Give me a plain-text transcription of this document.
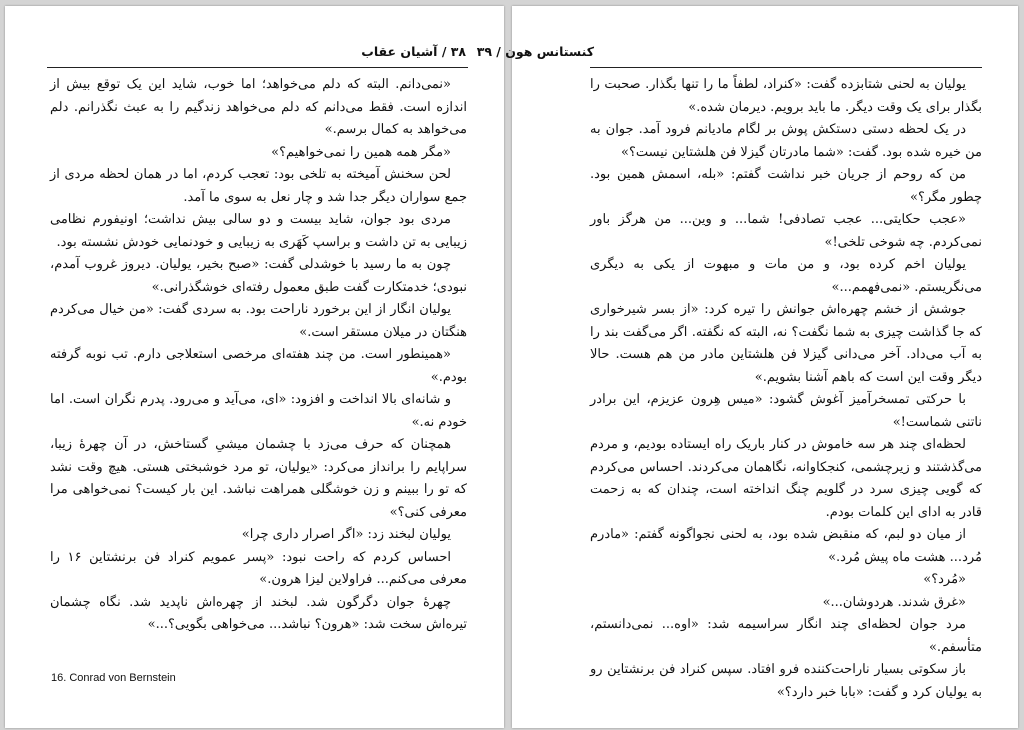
۳۸ / آشیان عقاب

«نمی‌دانم. البته که دلم می‌خواهد؛ اما خوب، شاید این یک توقع بیش از اندازه است. فقط می‌دانم که دلم می‌خواهد زندگیم را به عبث نگذرانم. دلم می‌خواهد به کمال برسم.»

«مگر همه همین را نمی‌خواهیم؟»

لحن سخنش آمیخته به تلخی بود: تعجب کردم، اما در همان لحظه مردی از جمع سواران دیگر جدا شد و چار نعل به سوی ما آمد.

مردی بود جوان، شاید بیست و دو سالی بیش نداشت؛ اونیفورم نظامی زیبایی به تن داشت و براسپ کَهَری به زیبایی و خودنمایی خودش نشسته بود.

چون به ما رسید با خوشدلی گفت: «صبح بخیر، یولیان. دیروز غروب آمدم، نبودی؛ خدمتکارت گفت طبق معمول رفته‌ای خوشگذرانی.»

یولیان انگار از این برخورد ناراحت بود. به سردی گفت: «من خیال می‌کردم هنگتان در میلان مستقر است.»

«همینطور است. من چند هفته‌ای مرخصی استعلاجی دارم. تب نوبه گرفته بودم.»

و شانه‌ای بالا انداخت و افزود: «ای، می‌آید و می‌رود. پدرم نگران است. اما خودم نه.»

همچنان که حرف می‌زد با چشمان میشیِ گستاخش، در آن چهرهٔ زیبا، سراپایم را برانداز می‌کرد: «یولیان، تو مرد خوشبختی هستی. هیچ وقت نشد که تو را ببینم و زن خوشگلی همراهت نباشد. این بار کیست؟ نمی‌خواهی مرا معرفی کنی؟»

یولیان لبخند زد: «اگر اصرار داری چرا»

احساس کردم که راحت نبود: «پسر عمویم کنراد فن برنشتاین ۱۶ را معرفی می‌کنم... فراولاین لیزا هرون.»

چهرهٔ جوان دگرگون شد. لبخند از چهره‌اش ناپدید شد. نگاه چشمان تیره‌اش سخت شد: «هرون؟ نباشد... می‌خواهی بگویی؟...»

16. Conrad von Bernstein
کنستانس هون / ۳۹

یولیان به لحنی شتابزده گفت: «کنراد، لطفاً ما را تنها بگذار. صحبت را بگذار برای یک وقت دیگر. ما باید برویم. دیرمان شده.»

در یک لحظه دستی دستکش پوش بر لگام مادیانم فرود آمد. جوان به من خیره شده بود. گفت: «شما مادرتان گیزلا فن هلشتاین نیست؟»

من که روحم از جریان خبر نداشت گفتم: «بله، اسمش همین بود. چطور مگر؟»

«عجب حکایتی... عجب تصادفی! شما... و وین... من هرگز باور نمی‌کردم. چه شوخی تلخی!»

یولیان اخم کرده بود، و من مات و مبهوت از یکی به دیگری می‌نگریستم. «نمی‌فهمم...»

جوشش از خشم چهره‌اش جوانش را تیره کرد: «از بسر شیرخواری که جا گذاشت چیزی به شما نگفت؟ نه، البته که نگفته. اگر می‌گفت بند را به آب می‌داد. آخر می‌دانی گیزلا فن هلشتاین مادر من هم هست. حالا دیگر وقت این است که باهم آشنا بشویم.»

با حرکتی تمسخرآمیز آغوش گشود: «میس هِرون عزیزم، این برادر ناتنی شماست!»

لحظه‌ای چند هر سه خاموش در کنار باریک راه ایستاده بودیم، و مردم می‌گذشتند و زیرچشمی، کنجکاوانه، نگاهمان می‌کردند. احساس می‌کردم که گویی چیزی سرد در گلویم چنگ انداخته است، چندان که به زحمت قادر به ادای این کلمات بودم.

از میان دو لبم، که منقبض شده بود، به لحنی نجواگونه گفتم: «مادرم مُرد... هشت ماه پیش مُرد.»

«مُرد؟»

«غرق شدند. هردوشان...»

مرد جوان لحظه‌ای چند انگار سراسیمه شد: «اوه... نمی‌دانستم، متأسفم.»

باز سکوتی بسیار ناراحت‌کننده فرو افتاد. سپس کنراد فن برنشتاین رو به یولیان کرد و گفت: «بابا خبر دارد؟»
